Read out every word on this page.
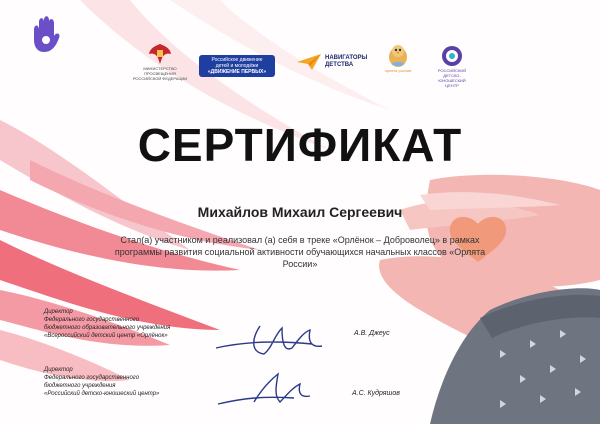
МИНИСТЕРСТВО ПРОСВЕЩЕНИЯ
РОССИЙСКОЙ ФЕДЕРАЦИИ
Российское движение
детей и молодёжи
«ДВИЖЕНИЕ ПЕРВЫХ»
НАВИГАТОРЫ
ДЕТСТВА
орлята россии	РОССИЙСКИЙ
ДЕТСКО-ЮНОШЕСКИЙ ЦЕНТР
СЕРТИФИКАТ
Михайлов Михаил Сергеевич
Стал(а) участником и реализовал (а) себя в треке «Орлёнок – Доброволец» в рамках
программы развития социальной активности обучающихся начальных классов «Орлята России»
Директор
Федерального государственного
бюджетного образовательного учреждения
«Всероссийский детский центр «Орлёнок»	А.В. Джеус
Директор
Федерального государственного
бюджетного учреждения
«Российский детско-юношеский центр»	А.С. Кудряшов
